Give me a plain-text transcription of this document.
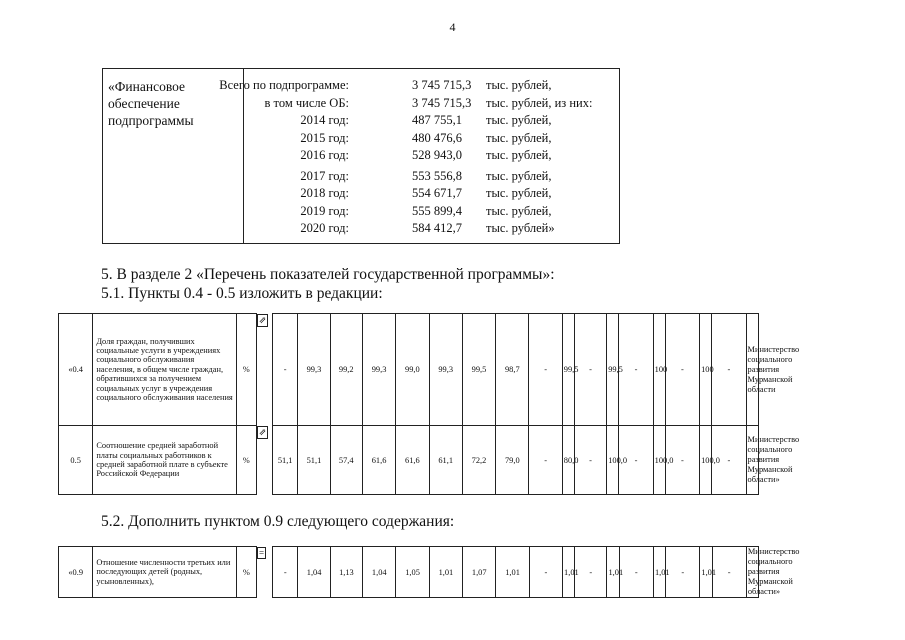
4
«Финансовое
обеспечение
подпрограммы
Всего по подпрограмме:	3 745 715,3 тыс. рублей,
в том числе ОБ:	3 745 715,3 тыс. рублей, из них:
2014 год:	487 755,1 тыс. рублей,
2015 год:	480 476,6 тыс. рублей,
2016 год:	528 943,0 тыс. рублей,
2017 год:	553 556,8 тыс. рублей,
2018 год:	554 671,7 тыс. рублей,
2019 год:	555 899,4 тыс. рублей,
2020 год:	584 412,7 тыс. рублей»
5. В разделе 2 «Перечень показателей государственной программы»:
5.1. Пункты 0.4 - 0.5 изложить в редакции:
«0.4	Доля граждан, получивших социальные услуги в учреждениях социального обслуживания населения, в общем числе граждан, обратившихся за получением социальных услуг в учреждения социального обслуживания населения	%	⇗-	99,3	99,2	99,3	99,0	99,3	99,5	98,7	-	99,5	-	99,5	-	100	-	100	-	Министерство социального развития Мурманской области
0.5	Соотношение средней заработной платы социальных работников к средней заработной плате в субъекте Российской Федерации	%	⇗51,1	51,1	57,4	61,6	61,6	61,1	72,2	79,0	-	80,0	-	100,0	-	100,0	-	100,0	-	Министерство социального развития Мурманской области»
5.2. Дополнить пунктом 0.9 следующего содержания:
«0.9	Отношение численности третьих или последующих детей (родных, усыновленных),	%	=-	1,04	1,13	1,04	1,05	1,01	1,07	1,01	-	1,01	-	1,01	-	1,01	-	1,01	-	Министерство социального развития Мурманской области»
